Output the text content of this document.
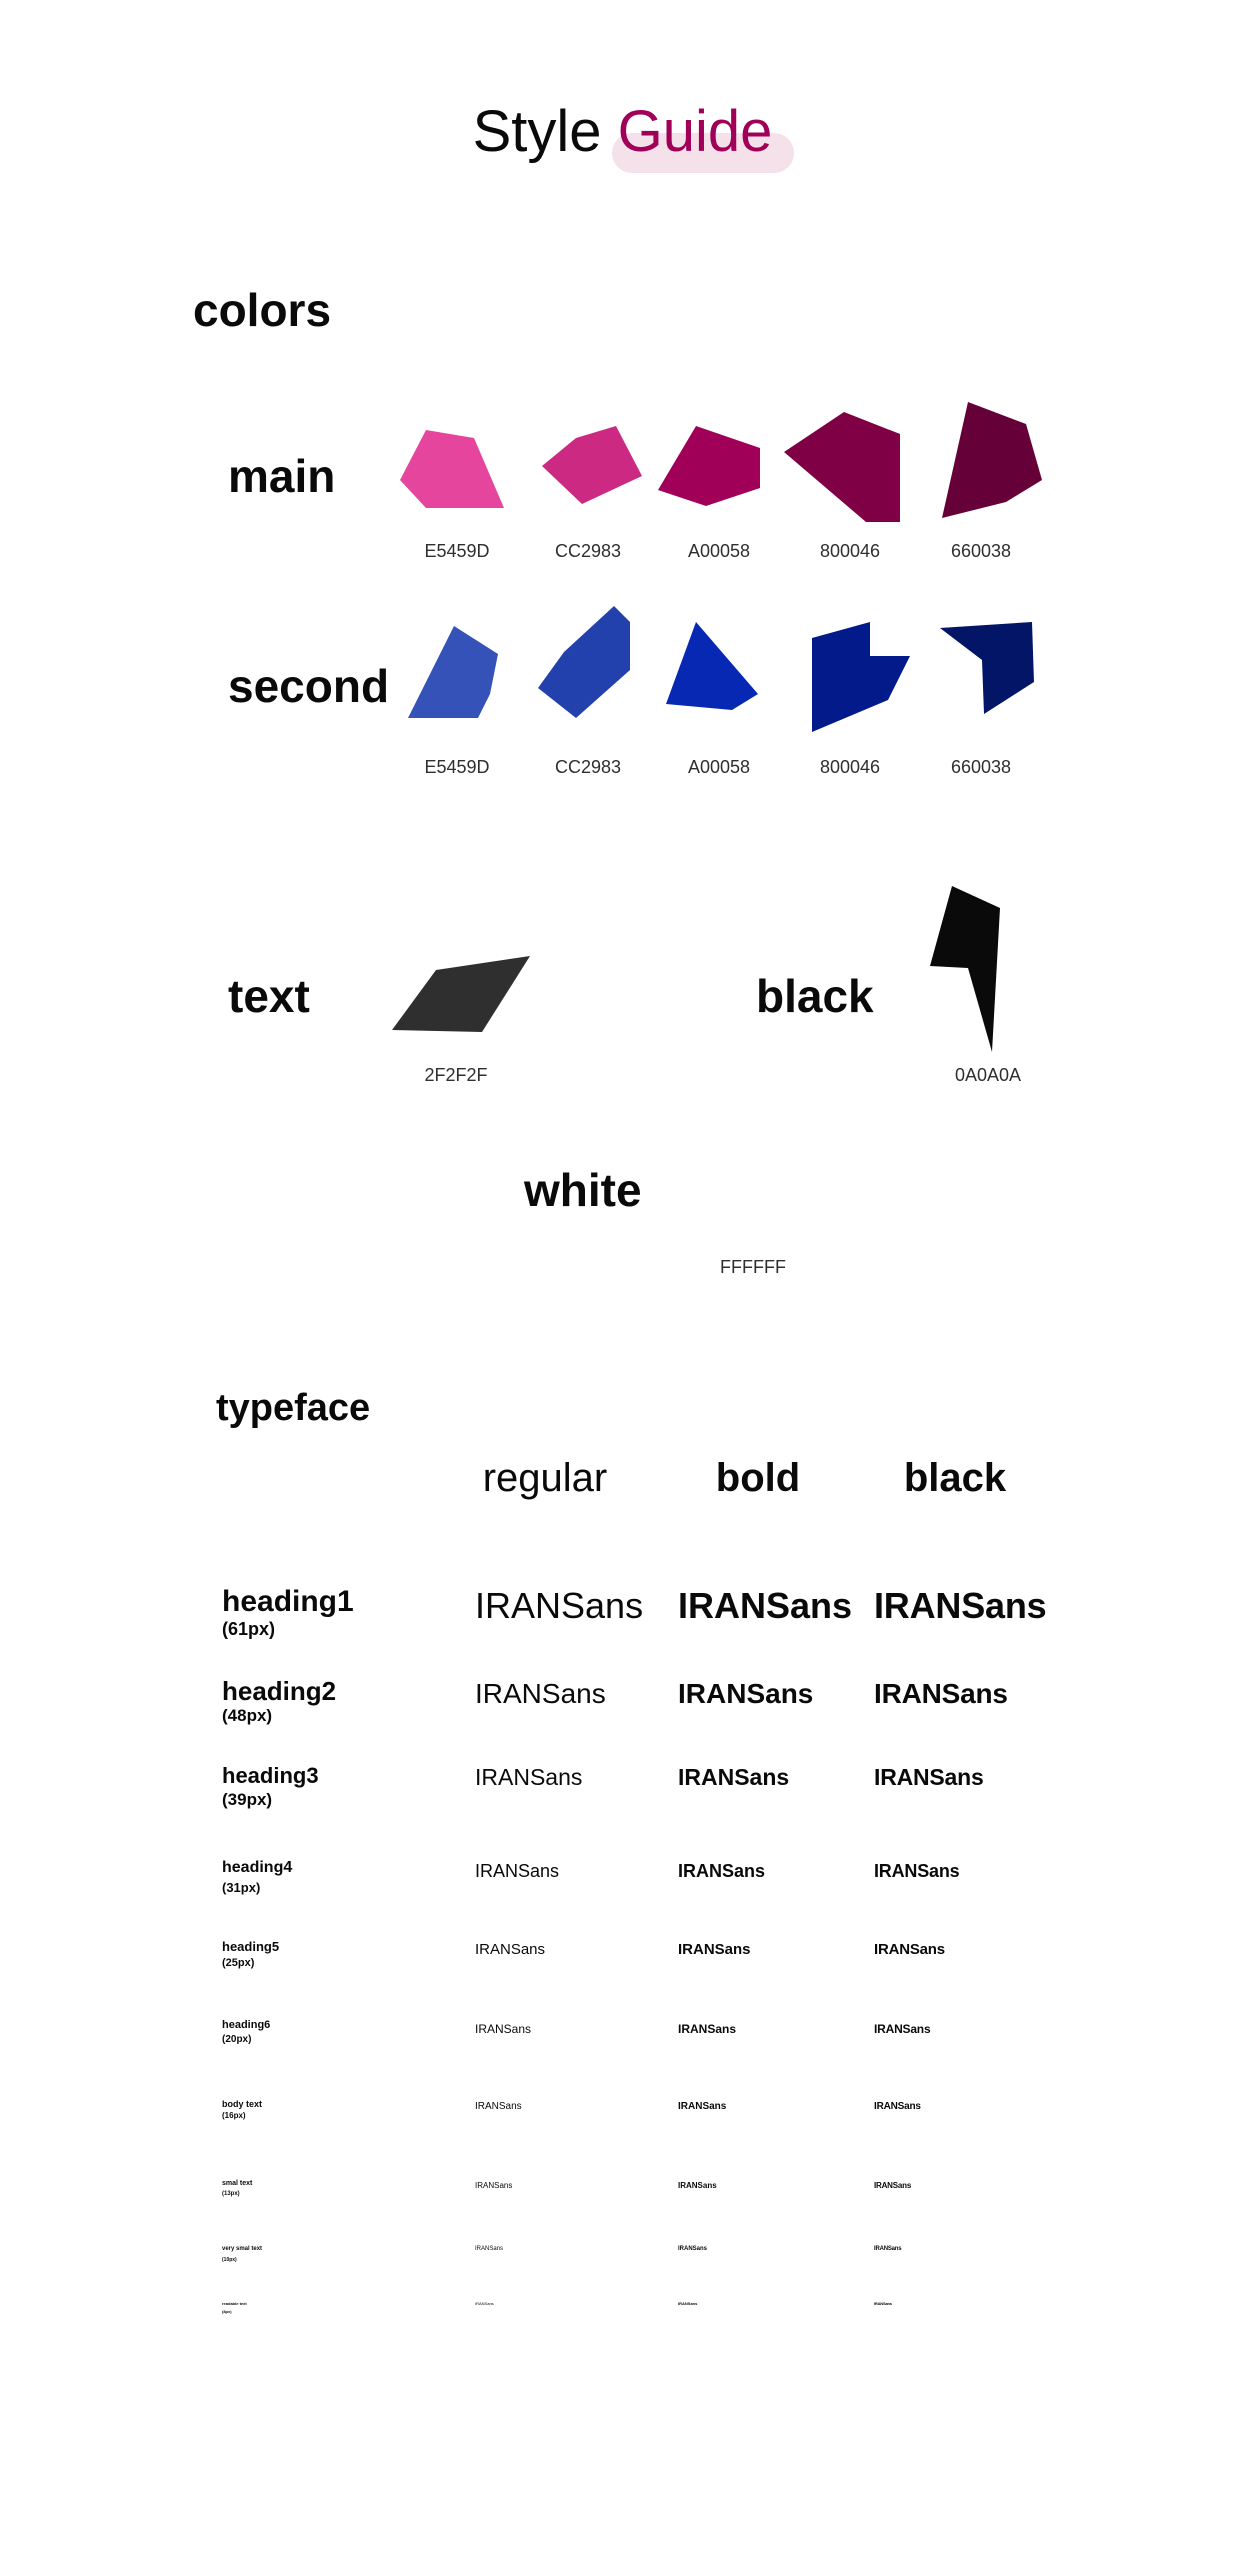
Style Guide
colors
main
E5459D	CC2983	A00058	800046	660038
second
E5459D	CC2983	A00058	800046	660038
text
2F2F2F
black
0A0A0A
white
FFFFFF
typeface
regular	bold	black
heading1
(61px)
IRANSans IRANSans IRANSans
heading2
(48px)
IRANSans	IRANSans IRANSans
heading3
(39px)
IRANSans	IRANSans	IRANSans
heading4
(31px)
IRANSans	IRANSans	IRANSans
heading5
(25px)
IRANSans	IRANSans	IRANSans
heading6
(20px)
IRANSans	IRANSans	IRANSans
body text
(16px)
IRANSans	IRANSans	IRANSans
smal text
(13px)
IRANSans	IRANSans	IRANSans
very smal text
(10px)
IRANSans	IRANSans	IRANSans
readable text
(8px)
IRANSans	IRANSans	IRANSans
